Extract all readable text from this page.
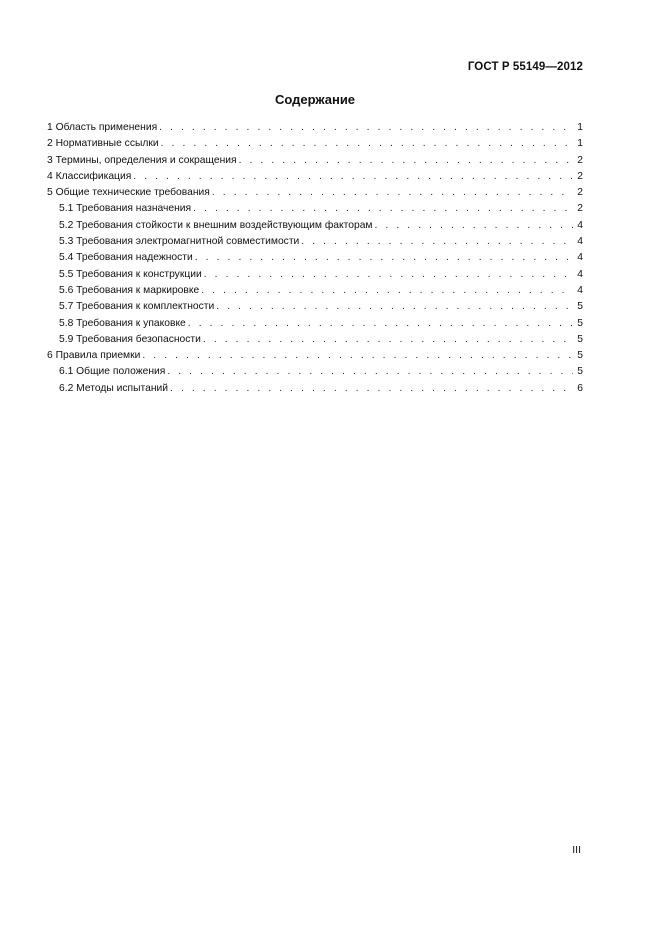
ГОСТ Р 55149—2012
Содержание
1 Область применения . . .	1
2 Нормативные ссылки . . .	1
3 Термины, определения и сокращения . . .	2
4 Классификация . . .	2
5 Общие технические требования . . .	2
5.1 Требования назначения . . .	2
5.2 Требования стойкости к внешним воздействующим факторам . . .	4
5.3 Требования электромагнитной совместимости . . .	4
5.4 Требования надежности . . .	4
5.5 Требования к конструкции . . .	4
5.6 Требования к маркировке . . .	4
5.7 Требования к комплектности . . .	5
5.8 Требования к упаковке . . .	5
5.9 Требования безопасности . . .	5
6 Правила приемки . . .	5
6.1 Общие положения . . .	5
6.2 Методы испытаний . . .	6
III
